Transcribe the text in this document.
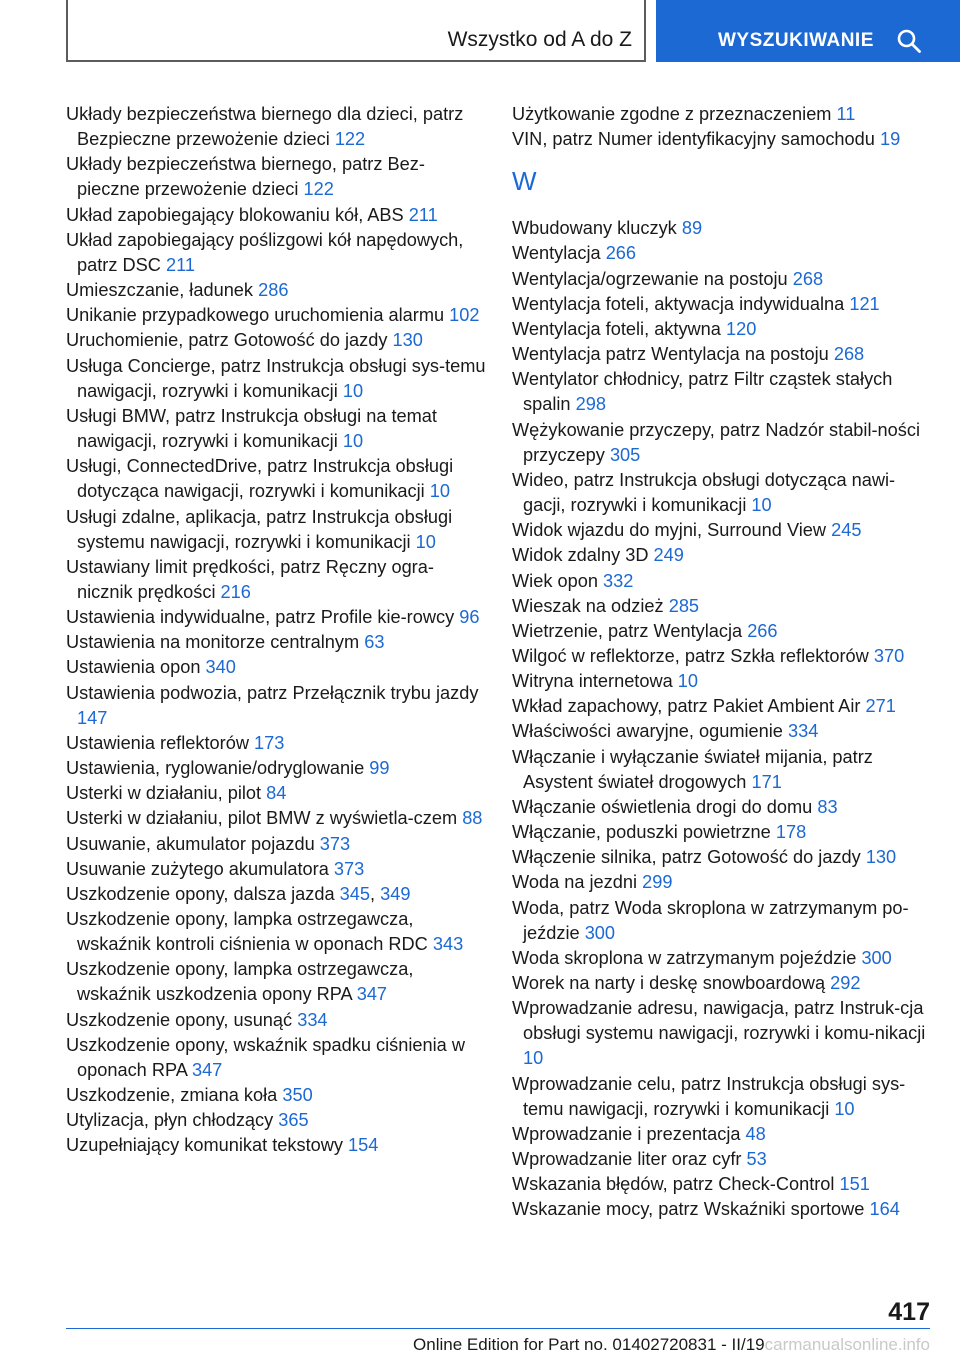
Wszystko od A do Z	WYSZUKIWANIE

Układy bezpieczeństwa biernego dla dzieci, patrz Bezpieczne przewożenie dzieci 122

Układy bezpieczeństwa biernego, patrz Bez-pieczne przewożenie dzieci 122

Układ zapobiegający blokowaniu kół, ABS 211

Układ zapobiegający poślizgowi kół napędowych, patrz DSC 211

Umieszczanie, ładunek 286

Unikanie przypadkowego uruchomienia alarmu 102

Uruchomienie, patrz Gotowość do jazdy 130

Usługa Concierge, patrz Instrukcja obsługi sys-temu nawigacji, rozrywki i komunikacji 10

Usługi BMW, patrz Instrukcja obsługi na temat nawigacji, rozrywki i komunikacji 10

Usługi, ConnectedDrive, patrz Instrukcja obsługi dotycząca nawigacji, rozrywki i komunikacji 10

Usługi zdalne, aplikacja, patrz Instrukcja obsługi systemu nawigacji, rozrywki i komunikacji 10

Ustawiany limit prędkości, patrz Ręczny ogra-nicznik prędkości 216

Ustawienia indywidualne, patrz Profile kie-rowcy 96

Ustawienia na monitorze centralnym 63

Ustawienia opon 340

Ustawienia podwozia, patrz Przełącznik trybu jazdy 147

Ustawienia reflektorów 173

Ustawienia, ryglowanie/odryglowanie 99

Usterki w działaniu, pilot 84

Usterki w działaniu, pilot BMW z wyświetla-czem 88

Usuwanie, akumulator pojazdu 373

Usuwanie zużytego akumulatora 373

Uszkodzenie opony, dalsza jazda 345, 349

Uszkodzenie opony, lampka ostrzegawcza, wskaźnik kontroli ciśnienia w oponach RDC 343

Uszkodzenie opony, lampka ostrzegawcza, wskaźnik uszkodzenia opony RPA 347

Uszkodzenie opony, usunąć 334

Uszkodzenie opony, wskaźnik spadku ciśnienia w oponach RPA 347

Uszkodzenie, zmiana koła 350

Utylizacja, płyn chłodzący 365

Uzupełniający komunikat tekstowy 154

Użytkowanie zgodne z przeznaczeniem 11

VIN, patrz Numer identyfikacyjny samochodu 19

W

Wbudowany kluczyk 89

Wentylacja 266

Wentylacja/ogrzewanie na postoju 268

Wentylacja foteli, aktywacja indywidualna 121

Wentylacja foteli, aktywna 120

Wentylacja patrz Wentylacja na postoju 268

Wentylator chłodnicy, patrz Filtr cząstek stałych spalin 298

Wężykowanie przyczepy, patrz Nadzór stabil-ności przyczepy 305

Wideo, patrz Instrukcja obsługi dotycząca nawi-gacji, rozrywki i komunikacji 10

Widok wjazdu do myjni, Surround View 245

Widok zdalny 3D 249

Wiek opon 332

Wieszak na odzież 285

Wietrzenie, patrz Wentylacja 266

Wilgoć w reflektorze, patrz Szkła reflektorów 370

Witryna internetowa 10

Wkład zapachowy, patrz Pakiet Ambient Air 271

Właściwości awaryjne, ogumienie 334

Włączanie i wyłączanie świateł mijania, patrz Asystent świateł drogowych 171

Włączanie oświetlenia drogi do domu 83

Włączanie, poduszki powietrzne 178

Włączenie silnika, patrz Gotowość do jazdy 130

Woda na jezdni 299

Woda, patrz Woda skroplona w zatrzymanym po-jeździe 300

Woda skroplona w zatrzymanym pojeździe 300

Worek na narty i deskę snowboardową 292

Wprowadzanie adresu, nawigacja, patrz Instruk-cja obsługi systemu nawigacji, rozrywki i komu-nikacji 10

Wprowadzanie celu, patrz Instrukcja obsługi sys-temu nawigacji, rozrywki i komunikacji 10

Wprowadzanie i prezentacja 48

Wprowadzanie liter oraz cyfr 53

Wskazania błędów, patrz Check-Control 151

Wskazanie mocy, patrz Wskaźniki sportowe 164

417
Online Edition for Part no. 01402720831 - II/19carmanualsonline.info
